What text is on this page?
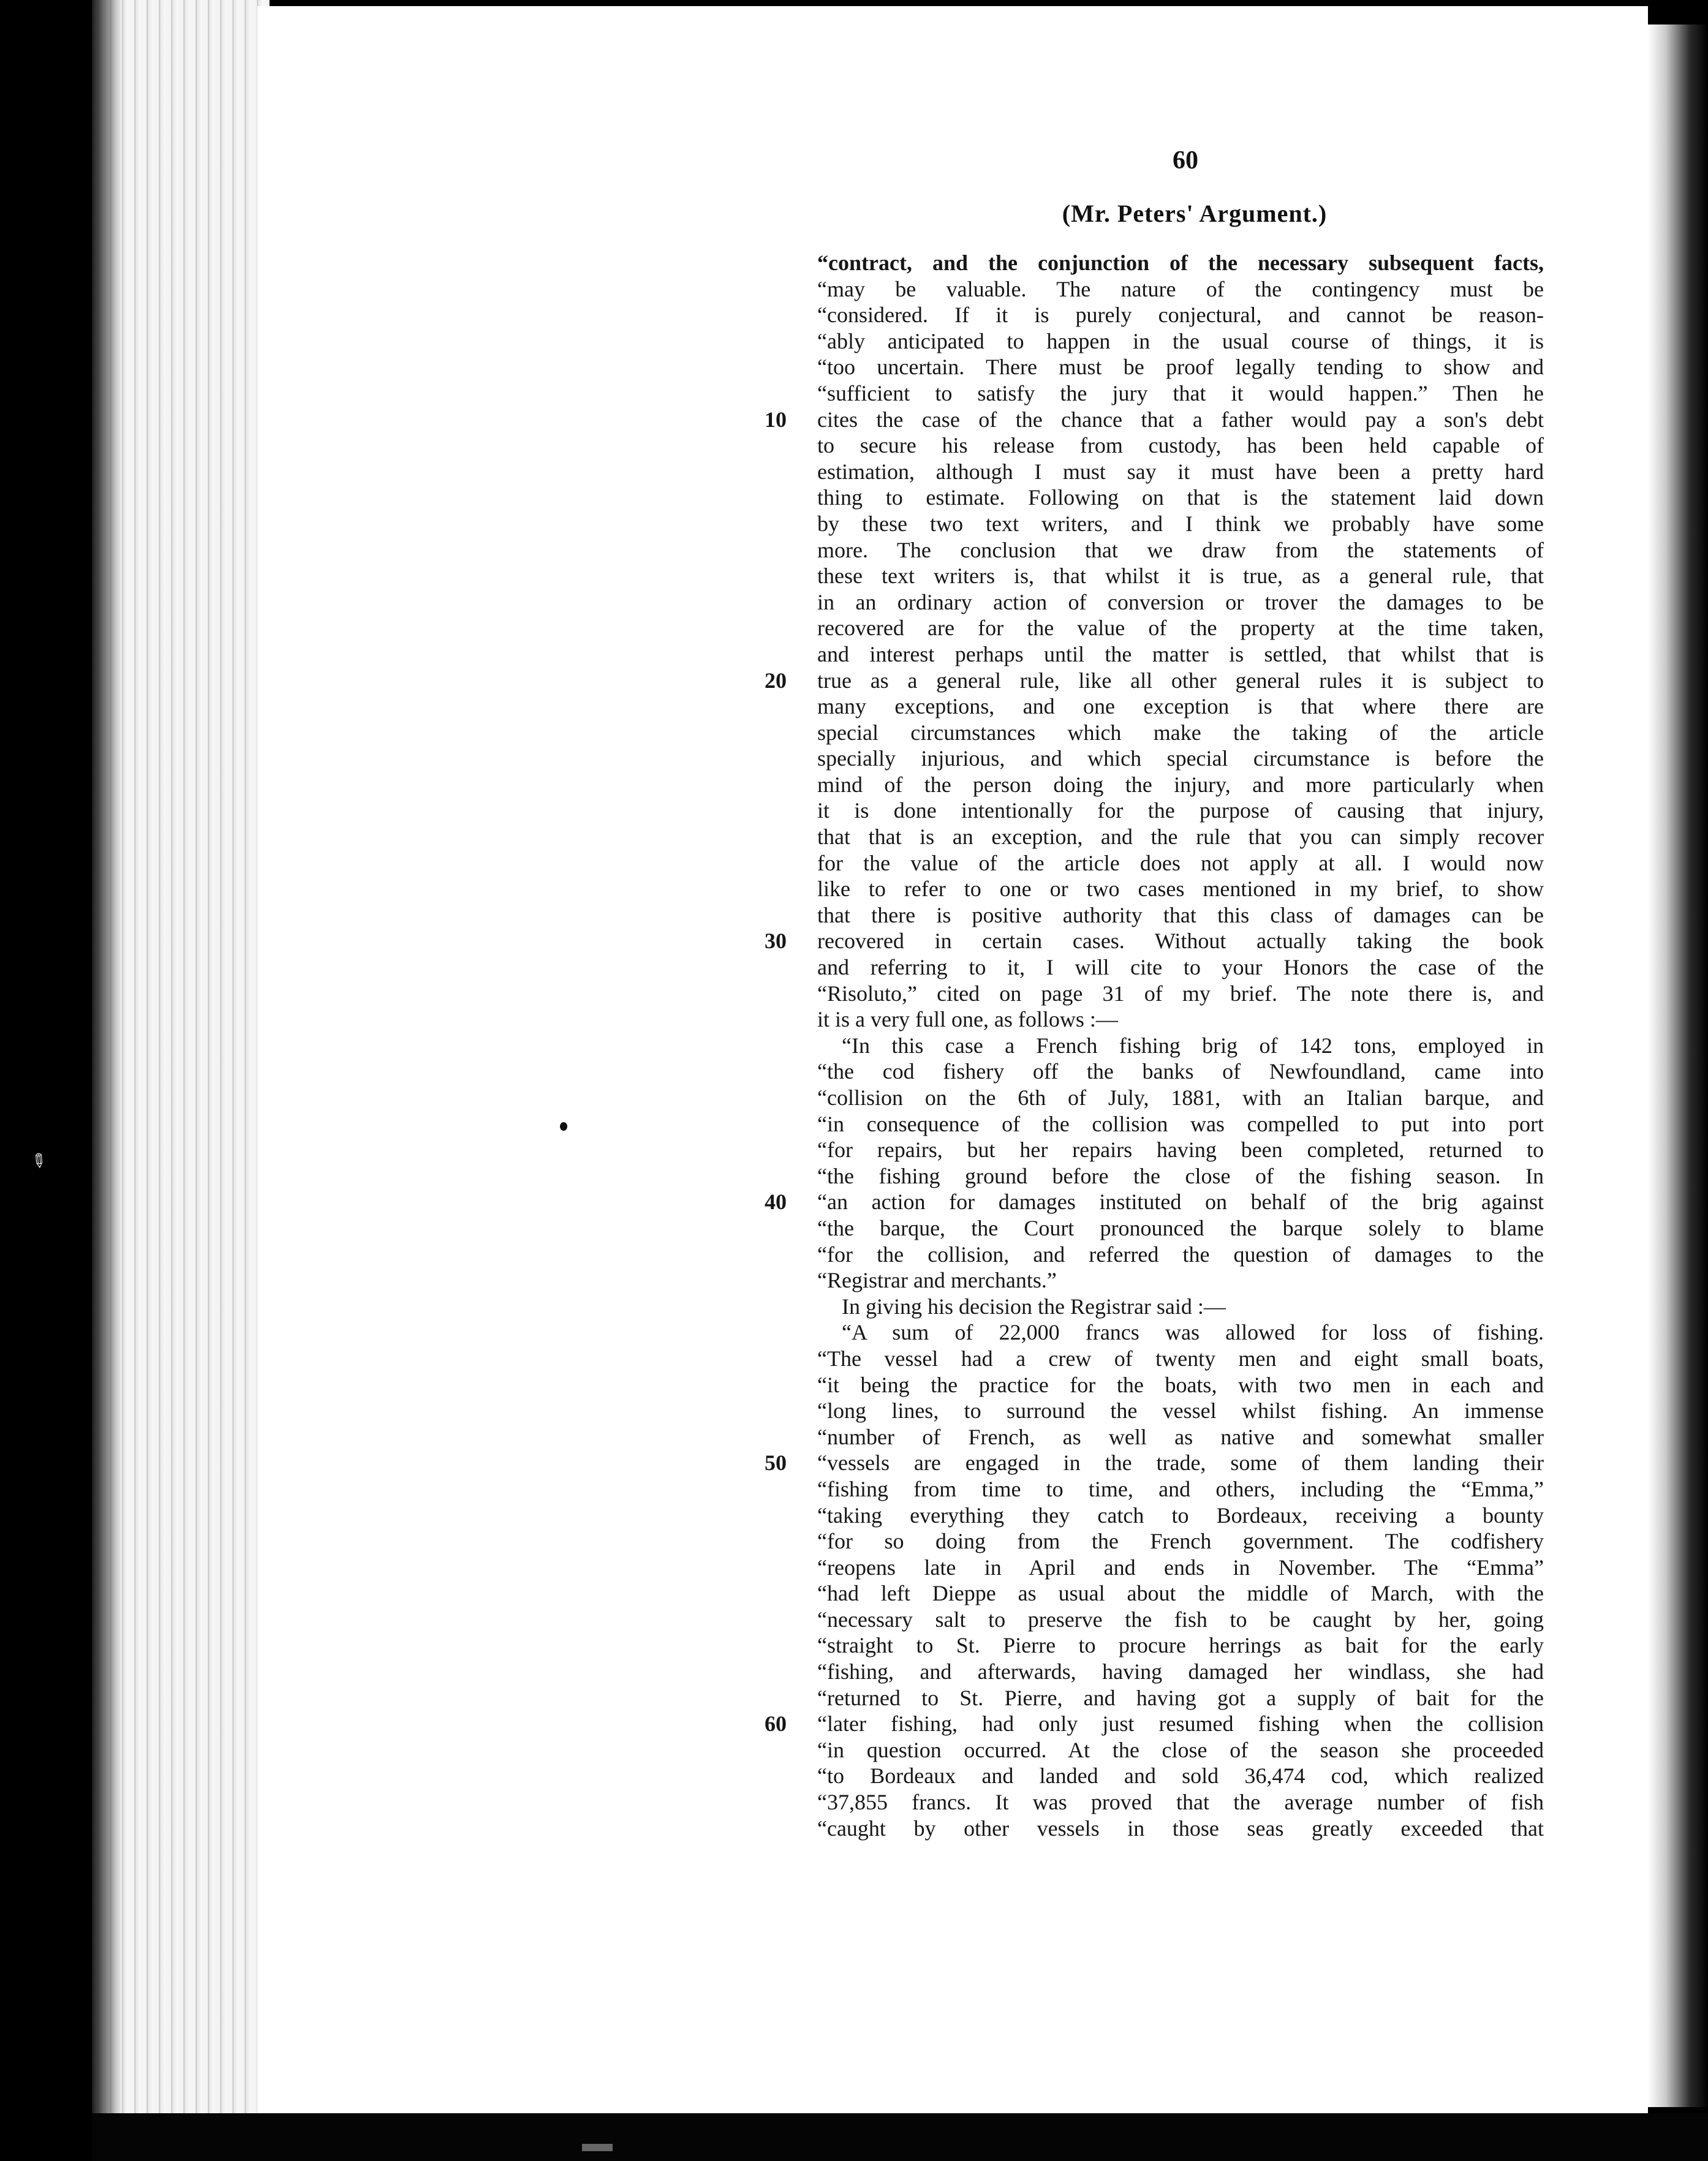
60
(Mr. Peters' Argument.)
“contract, and the conjunction of the necessary subsequent facts,
“may be valuable. The nature of the contingency must be
“considered. If it is purely conjectural, and cannot be reason-
“ably anticipated to happen in the usual course of things, it is
“too uncertain. There must be proof legally tending to show and
“sufficient to satisfy the jury that it would happen.” Then he
cites the case of the chance that a father would pay a son's debt
10
to secure his release from custody, has been held capable of
estimation, although I must say it must have been a pretty hard
thing to estimate. Following on that is the statement laid down
by these two text writers, and I think we probably have some
more. The conclusion that we draw from the statements of
these text writers is, that whilst it is true, as a general rule, that
in an ordinary action of conversion or trover the damages to be
recovered are for the value of the property at the time taken,
and interest perhaps until the matter is settled, that whilst that is
true as a general rule, like all other general rules it is subject to
20
many exceptions, and one exception is that where there are
special circumstances which make the taking of the article
specially injurious, and which special circumstance is before the
mind of the person doing the injury, and more particularly when
it is done intentionally for the purpose of causing that injury,
that that is an exception, and the rule that you can simply recover
for the value of the article does not apply at all. I would now
like to refer to one or two cases mentioned in my brief, to show
that there is positive authority that this class of damages can be
recovered in certain cases. Without actually taking the book
30
and referring to it, I will cite to your Honors the case of the
“Risoluto,” cited on page 31 of my brief. The note there is, and
it is a very full one, as follows :—
“In this case a French fishing brig of 142 tons, employed in
“the cod fishery off the banks of Newfoundland, came into
“collision on the 6th of July, 1881, with an Italian barque, and
“in consequence of the collision was compelled to put into port
“for repairs, but her repairs having been completed, returned to
“the fishing ground before the close of the fishing season. In
“an action for damages instituted on behalf of the brig against
40
“the barque, the Court pronounced the barque solely to blame
“for the collision, and referred the question of damages to the
“Registrar and merchants.”
In giving his decision the Registrar said :—
“A sum of 22,000 francs was allowed for loss of fishing.
“The vessel had a crew of twenty men and eight small boats,
“it being the practice for the boats, with two men in each and
“long lines, to surround the vessel whilst fishing. An immense
“number of French, as well as native and somewhat smaller
“vessels are engaged in the trade, some of them landing their
50
“fishing from time to time, and others, including the “Emma,”
“taking everything they catch to Bordeaux, receiving a bounty
“for so doing from the French government. The codfishery
“reopens late in April and ends in November. The “Emma”
“had left Dieppe as usual about the middle of March, with the
“necessary salt to preserve the fish to be caught by her, going
“straight to St. Pierre to procure herrings as bait for the early
“fishing, and afterwards, having damaged her windlass, she had
“returned to St. Pierre, and having got a supply of bait for the
“later fishing, had only just resumed fishing when the collision
60
“in question occurred. At the close of the season she proceeded
“to Bordeaux and landed and sold 36,474 cod, which realized
“37,855 francs. It was proved that the average number of fish
“caught by other vessels in those seas greatly exceeded that
✎
